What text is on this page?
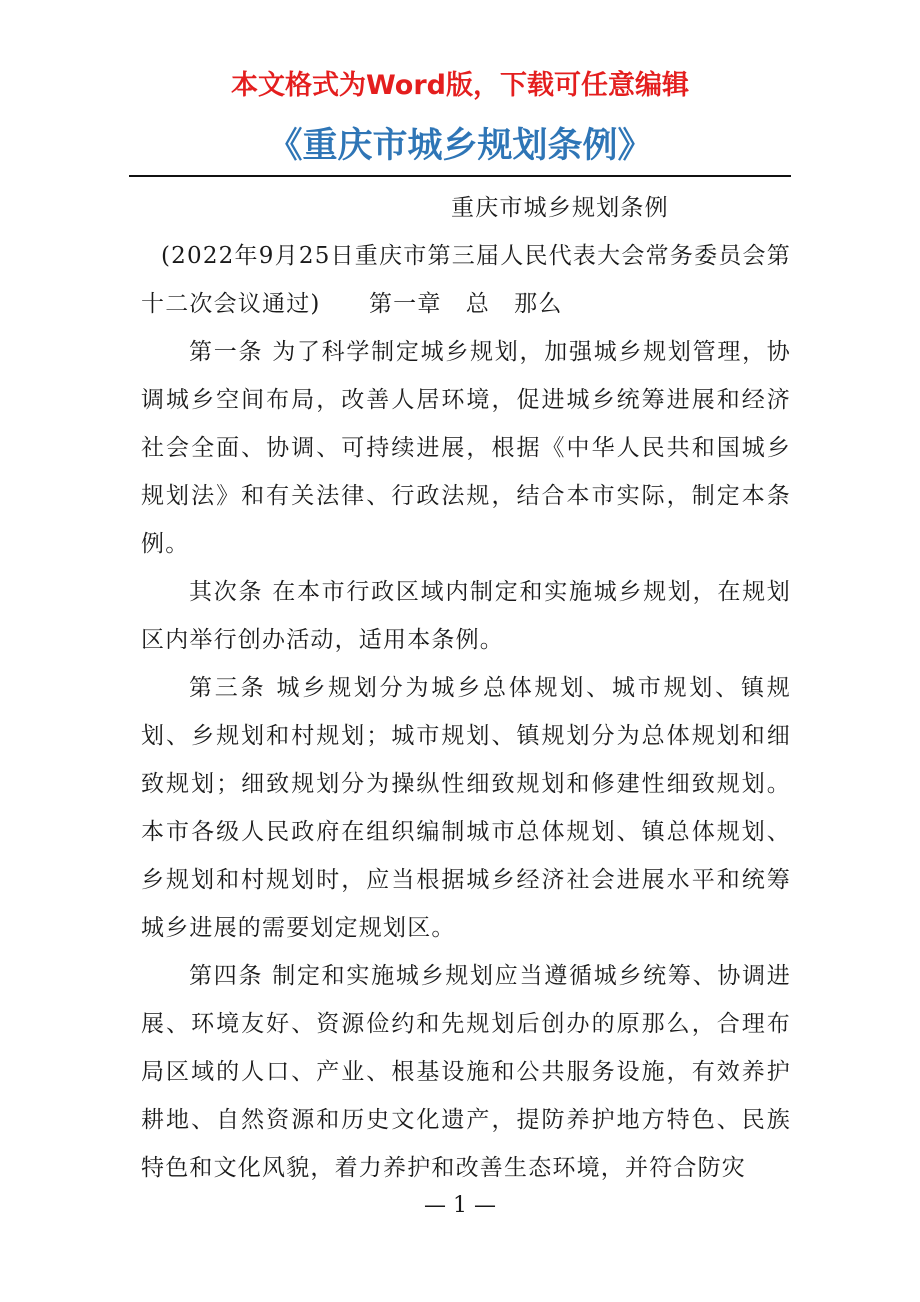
本文格式为Word版，下载可任意编辑
《重庆市城乡规划条例》

重庆市城乡规划条例

(2022年9月25日重庆市第三届人民代表大会常务委员会第十二次会议通过)　　第一章　总　那么

第一条 为了科学制定城乡规划，加强城乡规划管理，协调城乡空间布局，改善人居环境，促进城乡统筹进展和经济社会全面、协调、可持续进展，根据《中华人民共和国城乡规划法》和有关法律、行政法规，结合本市实际，制定本条例。

其次条 在本市行政区域内制定和实施城乡规划，在规划区内举行创办活动，适用本条例。

第三条 城乡规划分为城乡总体规划、城市规划、镇规划、乡规划和村规划；城市规划、镇规划分为总体规划和细致规划；细致规划分为操纵性细致规划和修建性细致规划。本市各级人民政府在组织编制城市总体规划、镇总体规划、乡规划和村规划时，应当根据城乡经济社会进展水平和统筹城乡进展的需要划定规划区。

第四条 制定和实施城乡规划应当遵循城乡统筹、协调进展、环境友好、资源俭约和先规划后创办的原那么，合理布局区域的人口、产业、根基设施和公共服务设施，有效养护耕地、自然资源和历史文化遗产，提防养护地方特色、民族特色和文化风貌，着力养护和改善生态环境，并符合防灾

— 1 —
